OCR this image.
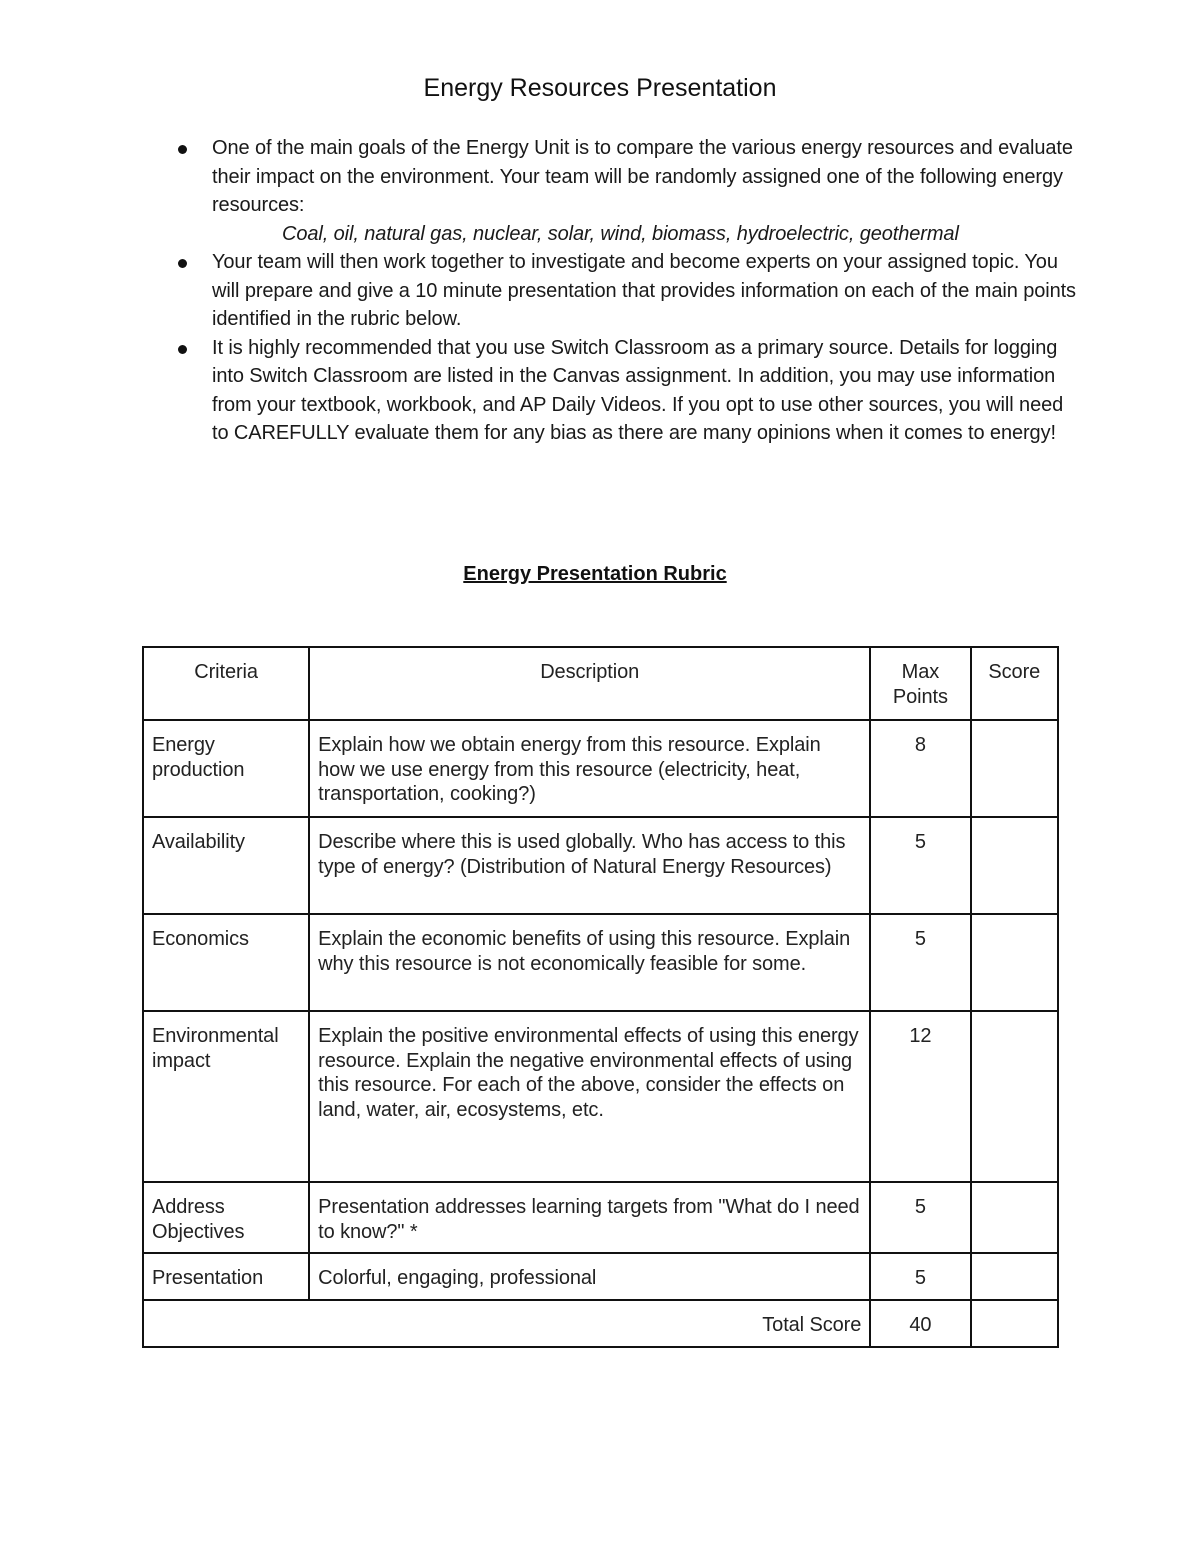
Energy Resources Presentation
One of the main goals of the Energy Unit is to compare the various energy resources and evaluate their impact on the environment. Your team will be randomly assigned one of the following energy resources:
Coal, oil, natural gas, nuclear, solar, wind, biomass, hydroelectric, geothermal
Your team will then work together to investigate and become experts on your assigned topic. You will prepare and give a 10 minute presentation that provides information on each of the main points identified in the rubric below.
It is highly recommended that you use Switch Classroom as a primary source. Details for logging into Switch Classroom are listed in the Canvas assignment. In addition, you may use information from your textbook, workbook, and AP Daily Videos. If you opt to use other sources, you will need to CAREFULLY evaluate them for any bias as there are many opinions when it comes to energy!
Energy Presentation Rubric
Criteria	Description	Max Points	Score
Energy production	Explain how we obtain energy from this resource. Explain how we use energy from this resource (electricity, heat, transportation, cooking?)	8	
Availability	Describe where this is used globally. Who has access to this type of energy? (Distribution of Natural Energy Resources)	5	
Economics	Explain the economic benefits of using this resource. Explain why this resource is not economically feasible for some.	5	
Environmental impact	Explain the positive environmental effects of using this energy resource. Explain the negative environmental effects of using this resource. For each of the above, consider the effects on land, water, air, ecosystems, etc.	12	
Address Objectives	Presentation addresses learning targets from "What do I need to know?" *	5	
Presentation	Colorful, engaging, professional	5	
Total Score		40	
